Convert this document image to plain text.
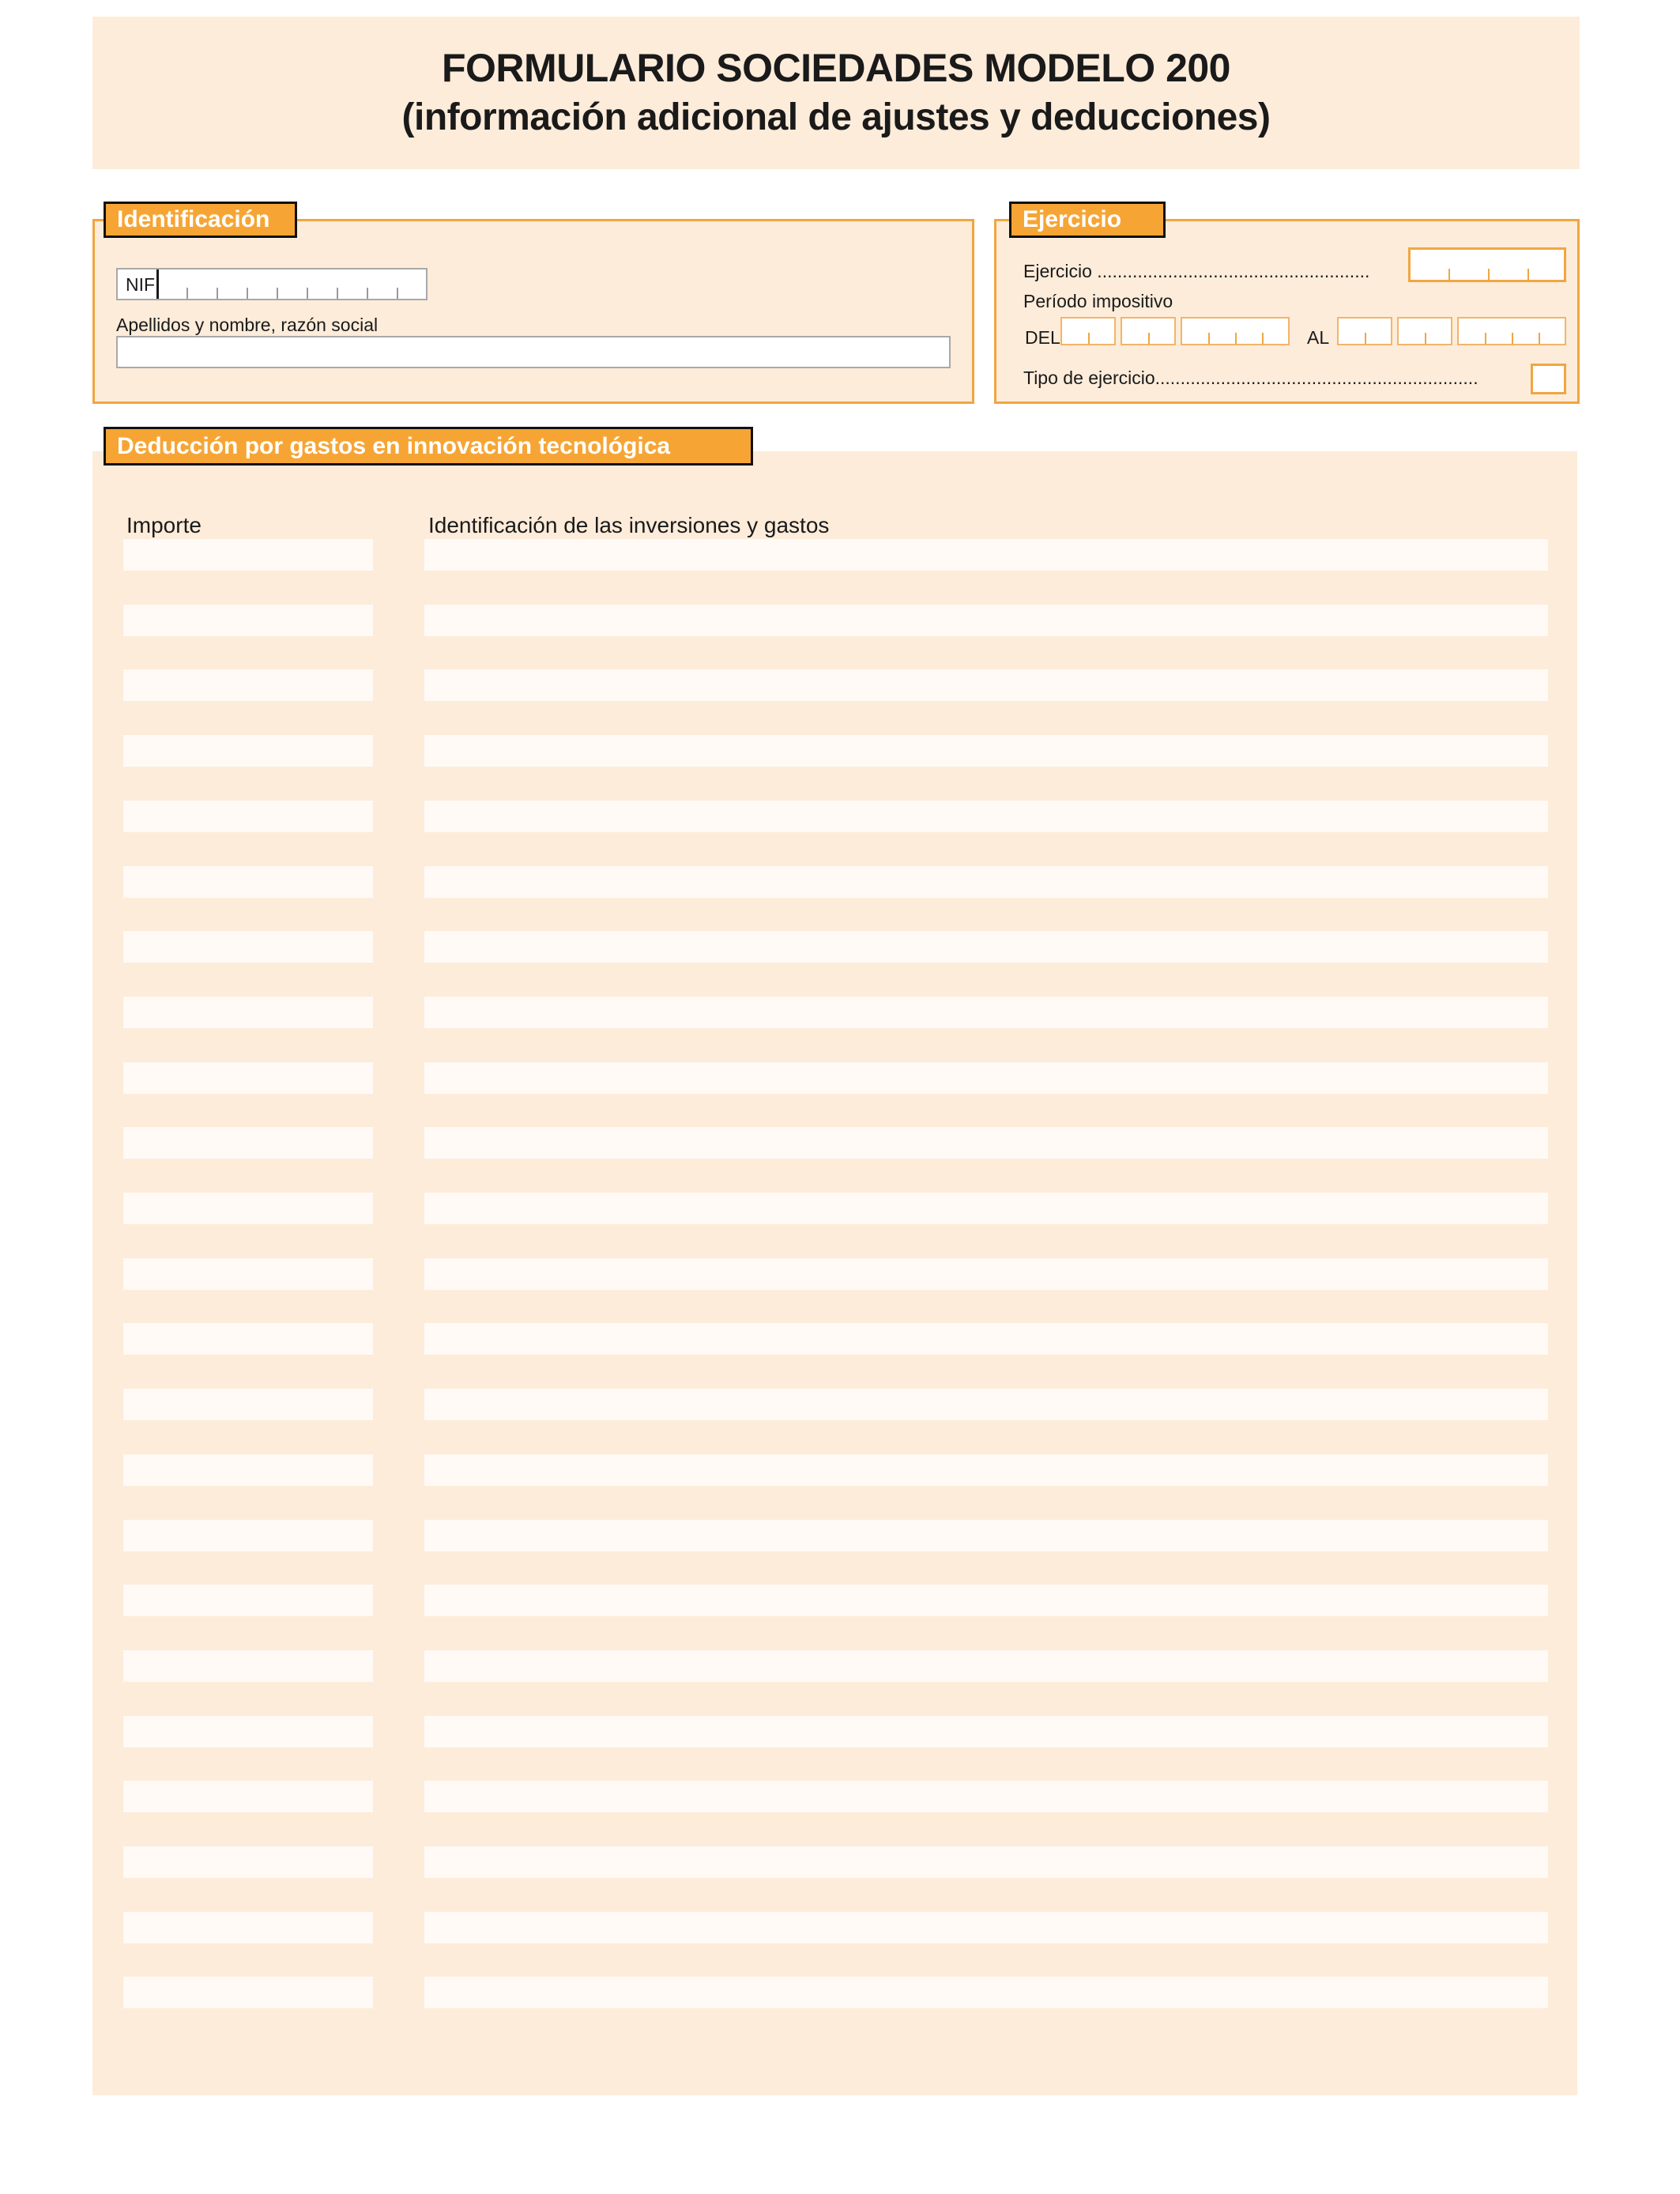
FORMULARIO SOCIEDADES MODELO 200
(información adicional de ajustes y deducciones)
Apellidos y nombre, razón social
NIF
Identificación
Ejercicio ......................................................
Período impositivo
DEL	AL
Tipo de ejercicio................................................................
Ejercicio
Importe	Identificación de las inversiones y gastos
Deducción por gastos en innovación tecnológica
